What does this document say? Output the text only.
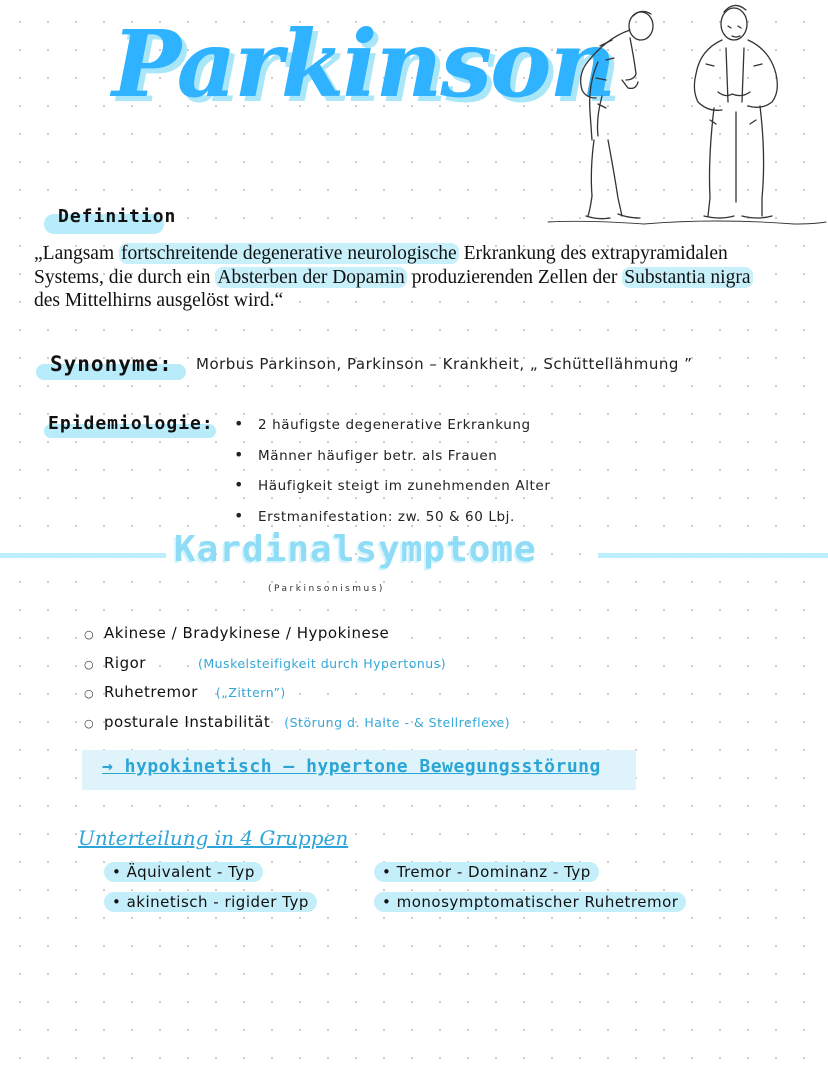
Parkinson
Definition
„Langsam fortschreitende degenerative neurologische Erkrankung des extrapyramidalen Systems, die durch ein Absterben der Dopamin produzierenden Zellen der Substantia nigra des Mittelhirns ausgelöst wird.“
Synonyme: Morbus Parkinson, Parkinson – Krankheit, „ Schüttellähmung ”
Epidemiologie: • 2 häufigste degenerative Erkrankung
• Männer häufiger betr. als Frauen
• Häufigkeit steigt im zunehmenden Alter
• Erstmanifestation: zw. 50 & 60 Lbj.
Kardinalsymptome
(Parkinsonismus)
○ Akinese / Bradykinese / Hypokinese
○ Rigor	(Muskelsteifigkeit durch Hypertonus)
○ Ruhetremor („Zittern”)
○ posturale Instabilität (Störung d. Halte - & Stellreflexe)
→ hypokinetisch – hypertone Bewegungsstörung
Unterteilung in 4 Gruppen
• Äquivalent - Typ
• akinetisch - rigider Typ
• Tremor - Dominanz - Typ
• monosymptomatischer Ruhetremor
